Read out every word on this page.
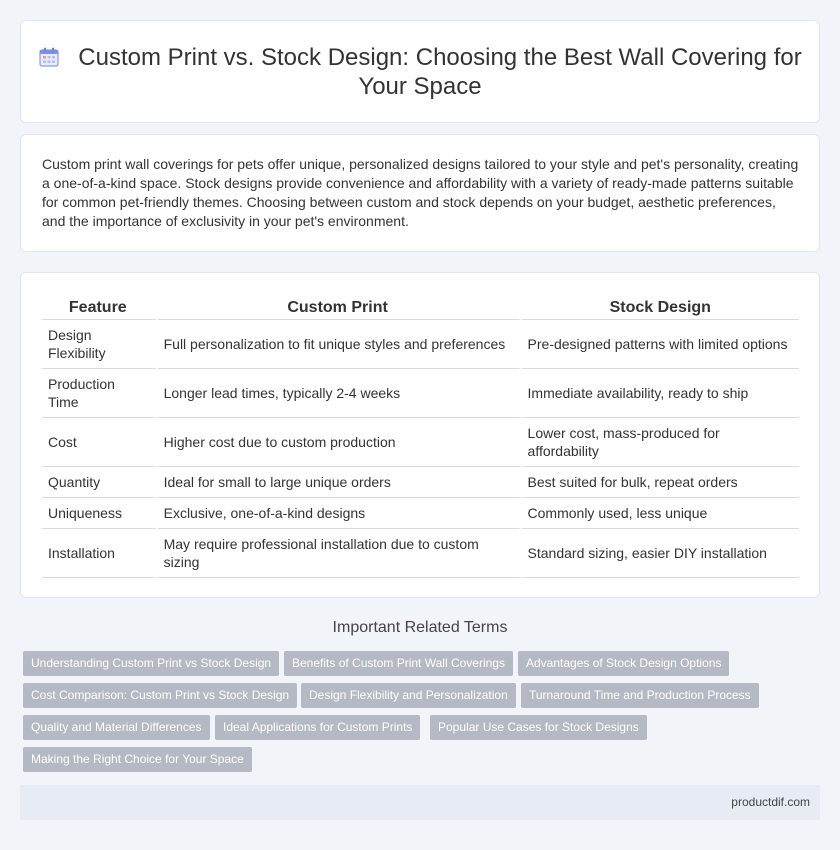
Custom Print vs. Stock Design: Choosing the Best Wall Covering for Your Space

Custom print wall coverings for pets offer unique, personalized designs tailored to your style and pet's personality, creating a one-of-a-kind space. Stock designs provide convenience and affordability with a variety of ready-made patterns suitable for common pet-friendly themes. Choosing between custom and stock depends on your budget, aesthetic preferences, and the importance of exclusivity in your pet's environment.

Feature	Custom Print	Stock Design
Design Flexibility	Full personalization to fit unique styles and preferences	Pre-designed patterns with limited options
Production Time	Longer lead times, typically 2-4 weeks	Immediate availability, ready to ship
Cost	Higher cost due to custom production	Lower cost, mass-produced for affordability
Quantity	Ideal for small to large unique orders	Best suited for bulk, repeat orders
Uniqueness	Exclusive, one-of-a-kind designs	Commonly used, less unique
Installation	May require professional installation due to custom sizing	Standard sizing, easier DIY installation
Important Related Terms
Understanding Custom Print vs Stock Design	Benefits of Custom Print Wall Coverings	Advantages of Stock Design Options
Cost Comparison: Custom Print vs Stock Design	Design Flexibility and Personalization	Turnaround Time and Production Process
Quality and Material Differences	Ideal Applications for Custom Prints	Popular Use Cases for Stock Designs
Making the Right Choice for Your Space
productdif.com
